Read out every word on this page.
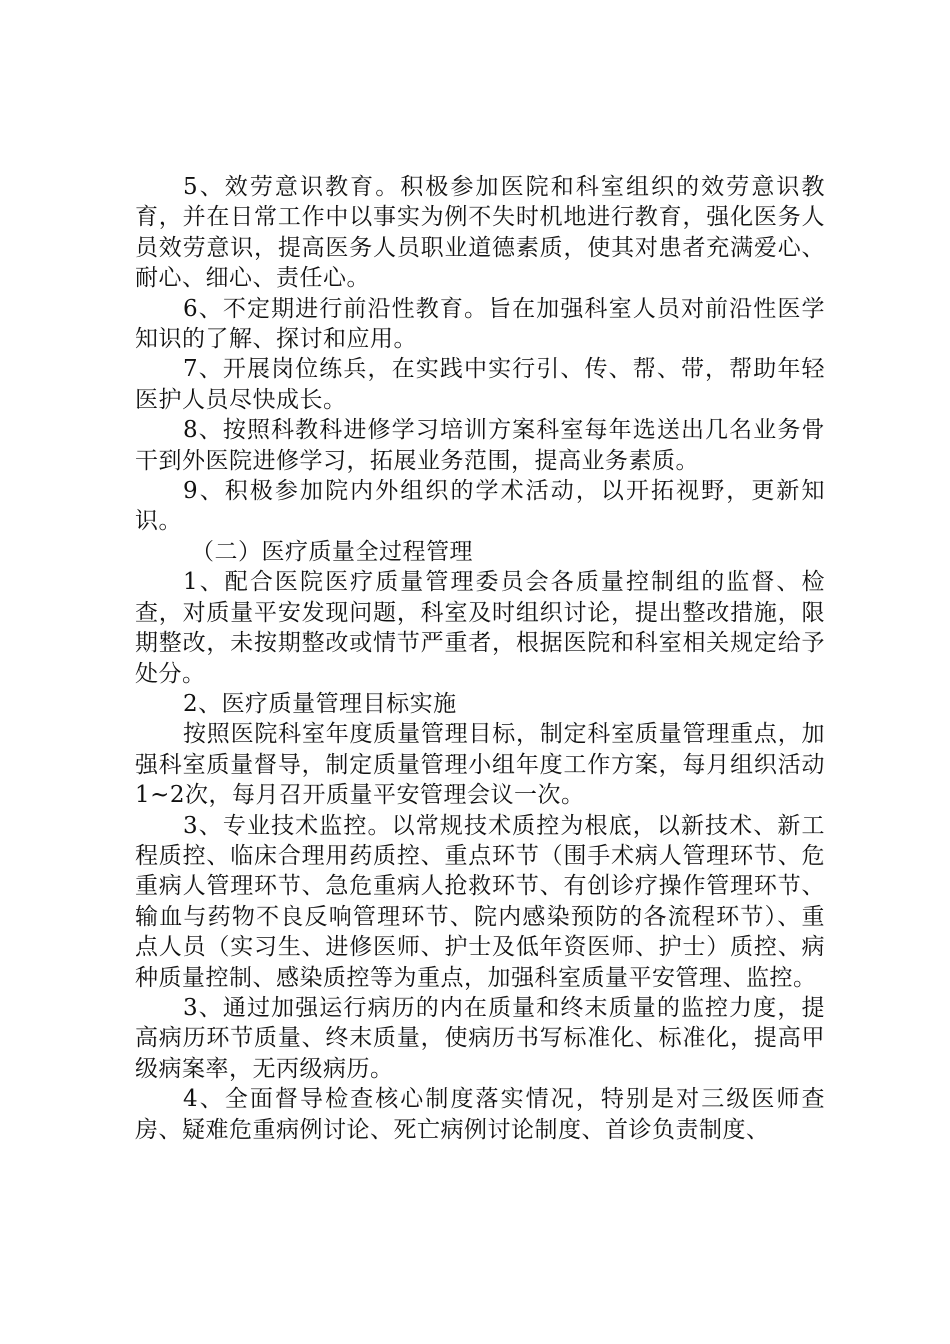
5、效劳意识教育。积极参加医院和科室组织的效劳意识教育，并在日常工作中以事实为例不失时机地进行教育，强化医务人员效劳意识，提高医务人员职业道德素质，使其对患者充满爱心、耐心、细心、责任心。

6、不定期进行前沿性教育。旨在加强科室人员对前沿性医学知识的了解、探讨和应用。

7、开展岗位练兵，在实践中实行引、传、帮、带，帮助年轻医护人员尽快成长。

8、按照科教科进修学习培训方案科室每年选送出几名业务骨干到外医院进修学习，拓展业务范围，提高业务素质。

9、积极参加院内外组织的学术活动，以开拓视野，更新知识。

（二）医疗质量全过程管理

1、配合医院医疗质量管理委员会各质量控制组的监督、检查，对质量平安发现问题，科室及时组织讨论，提出整改措施，限期整改，未按期整改或情节严重者，根据医院和科室相关规定给予处分。

2、医疗质量管理目标实施

按照医院科室年度质量管理目标，制定科室质量管理重点，加强科室质量督导，制定质量管理小组年度工作方案，每月组织活动1~2次，每月召开质量平安管理会议一次。

3、专业技术监控。以常规技术质控为根底，以新技术、新工程质控、临床合理用药质控、重点环节（围手术病人管理环节、危重病人管理环节、急危重病人抢救环节、有创诊疗操作管理环节、输血与药物不良反响管理环节、院内感染预防的各流程环节）、重点人员（实习生、进修医师、护士及低年资医师、护士）质控、病种质量控制、感染质控等为重点，加强科室质量平安管理、监控。

3、通过加强运行病历的内在质量和终末质量的监控力度，提高病历环节质量、终末质量，使病历书写标准化、标准化，提高甲级病案率，无丙级病历。

4、全面督导检查核心制度落实情况，特别是对三级医师查房、疑难危重病例讨论、死亡病例讨论制度、首诊负责制度、
